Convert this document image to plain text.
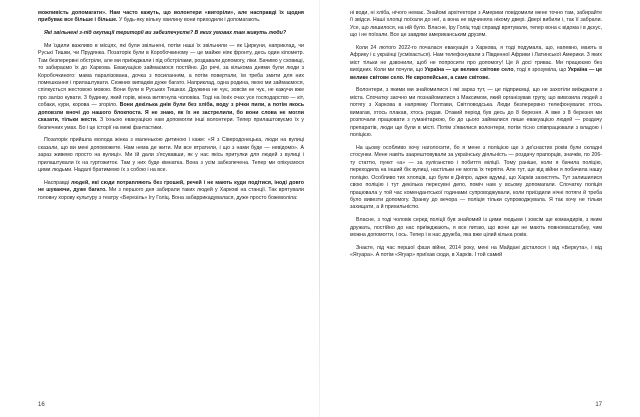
можливість допомагати». Нам часто кажуть, що волонтери «вигоріли», але насправді їх щодня прибуває все більше і більше. У будь-яку вільну хвилину вони приходили і допомагають.

Які звільнені з-під окупації території ви забезпечуєте? В яких умовах там живуть люди?

Ми їздили важливо в місцях, які були звільнені, потім наші їх звільнили — як Циркуни, наприклад, чи Руські Тишки, чи Прудянка. Позаторік були в Коробочкиному — це майже ніяк фронту, десь один кілометр. Там безперервні обстріли, але ми приїжджали і під обстрілами, роздавали допомогу, ліки. Бачимо у сховищі, то забираємо їх до Харкова. Евакуацією займаємося постійно. До речі, за кількома днями були люди з Коробочкиного: мама паралізована, дочка з посиланням, а потім повертали, їм треба змити для них помешкання і прилаштувати. Сюжних випадків дуже багато. Наприклад, одна родина, якою ми займаємося, спілкується жестовою мовою. Вони були в Руських Тишках. Дружина не чує, зовсім не чує, не кажучи вже про залізо кувати. З будинку, який горів, жінка витягнула чоловіка. Тоді на їхніх очах усе господарство — кіт, собаки, кури, корова — згоріло. Вони декілька днів були без хліба, воду з річки пили, а потім якось доповзли вночі до нашого блокпоста. Я не знаю, як їх не застрелили, бо вони слова не могли сказати, тільки жести. З їхньою евакуацією нам допомогли інші волонтери. Тепер прилаштовуємо їх у безпечних умах. Бо і це історії на межі фантастики.

Позаторік прийшла молода жінка з маленькою дитиною і каже: «Я з Сіверодонецька, люди на вулиці сказали, що ви мені допоможете. Нам нема де жити. Ми все втратили, і що з нами буде — невідомо». А зараз живемо просто на вулиці». Ми їй дали з'ясувавши, як у нас якісь притулки для людей з вулиці і прилаштували їх на гуртожиток. Там у них буде кімнатка. Вона з усім забезпечена. Тепер ми опікуємося цими людьми. Надалі братимемо їх з собою і на все.

Насправді людей, які сюди потрапляють без грошей, речей і не мають куди подітися, іноді довго не шукаючи, дуже багато. Ми з першого дня забирали таких людей у Харкові на станції. Так врятували головну хорову культуру з театру «Березіль» Ігу Голіц. Вона забаррикадувалася, дуже просто божеволіла:

16

ні води, ні хліба, нічого немає. Знайомі архітектори з Америки повідомили мене точно там, забирайте її звідси. Наші хлопці поїхали до неї, а вона не відчиняла нікому двері. Двері вибили і, так її забрали. Усе, що лишилося, на ній було. Власне, Іру Голіц тоді справді врятували, тепер вона є відома і в дєкус, що і не поїхали. Все це завдяки американським друзям.

Коли 24 лютого 2022-го почалася евакуація з Харкова, я тоді подумала, що, напевно, мають в Африку і є українці (усміхається). Нам телефонували з Південної Африки і Латинської Америки. З яких міст тільки не дзвонили, щоб не попросити про допомогу! Це й досі триває. Ми працюємо без вихідних. Коли ми почули, що Україна — це велике світове село, тоді я зрозуміла, що Україна — це велике світове село. Не європейське, а саме світове.

Волонтери, з якими ми знайомилися і які зараз тут, — це підприємці, що не захотіли виїжджати з міста. Спочатку заочно ми познайомилися з Максимом, який організував групу, що вивозила людей з потягу з Харкова в напрямку Полтави, Світловодська. Люди безперервно телефонували: хтось вимагав, хтось плакав, хтось ридав. Отакий період був десь до 8 березня. А вже з 8 березня ми розпочали працювати з гуманітаркою, бо до цього займалися лише евакуацією людей — роздачу препаратів, люди ще були в місті. Потім з'явилися волонтери, потім тісно співпрацювали з владою і поліцією.

На цьому особливо хочу наголосити, бо я мене з поліцією ще з де'єнастих років були складні стосунки. Мене навіть заарештовували за українську діяльність — роздачу прапорців, значків, по 206-ту статтю, пункт «а» — за хуліганство і побиття міліції. Тому раніше, коли я бачила поліцію, переходила на інший бік вулиці, настільки не могла їх терпіти. Але тут, ще від війни я побачила нашу поліцію. Особливо тих хлопців, що були в Дніпро, адже вдумці, що Харків захистять. Тут залишилися свою поліцію і тут декілька пересувні депо, поміч нам у всьому допомагали. Спочатку поліція працювала у той час комендантської годинами супроводжували, коли приїздили нічні потяги й треба було вивезти допомогу. Зранку до вечора — поліція тільки супроводжувала. Я так хочу не тільки захищати, а й прихильністю.

Власне, з тоді чоловік серед поліції був знайомий із цими людьми і зовсім ще командирів, з яким дружать, постійно до нас приїжджають, я все питаю, що вони ще не мають повномасштабну, чим можна допомогти, і ось. Тепер і в нас дружба, яка вже цілий кілька років.

Знаєте, під час першої фази війни, 2014 року, мені на Майдані дісталося і від «Беркута», і від «Ягуара». А потім «Ягуар» приїхав сюди, в Харків. І той самий

17
